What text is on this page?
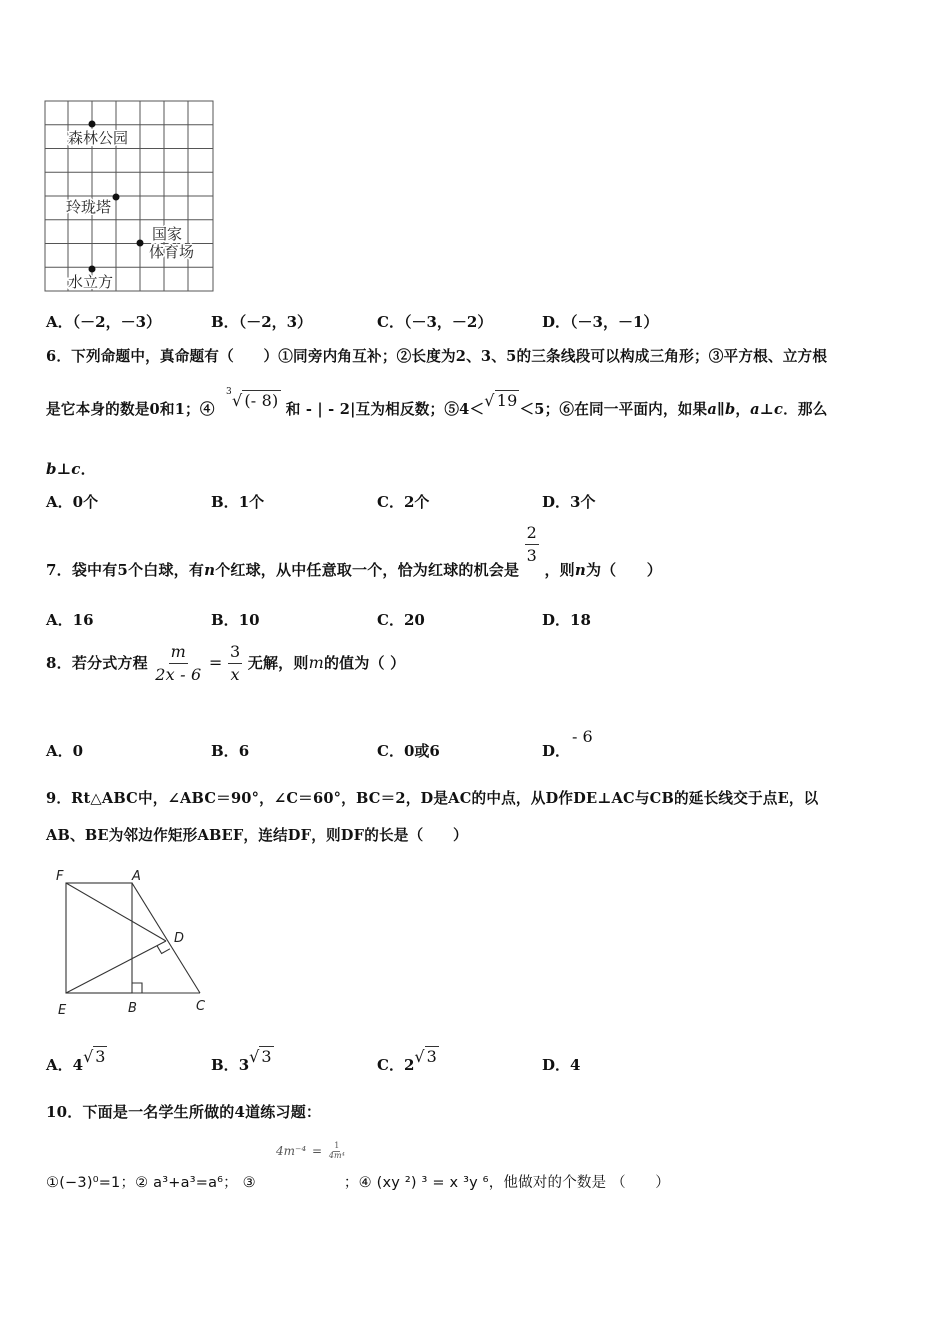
森林公园
玲珑塔
国家
体育场
水立方
A．（－2，－3）	B．（－2，3）	C．（－3，－2）	D．（－3，－1）
6．下列命题中，真命题有（　　）①同旁内角互补；②长度为2、3、5的三条线段可以构成三角形；③平方根、立方根
是它本身的数是0和1；④
3 √ (- 8) 和 - | - 2|互为相反数；⑤4＜√ 19 ＜5；⑥在同一平面内，如果a∥b，a⊥c．那么
b⊥c．
A．0个	B．1个	C．2个	D．3个
7．袋中有5个白球，有n个红球，从中任意取一个，恰为红球的机会是
$\frac{2}{3}$
，则n为（　　）
A．16	B．10	C．20	D．18
8．若分式方程 $\frac{m}{2x - 6} = \frac{3}{x}$ 无解，则m的值为（ ）
A．0	B．6	C．0或6	D．- 6
9．Rt△ABC中，∠ABC＝90°，∠C＝60°，BC＝2，D是AC的中点，从D作DE⊥AC与CB的延长线交于点E，以
AB、BE为邻边作矩形ABEF，连结DF，则DF的长是（　　）
F	A
D
E	B	C
A．4√ 3	B．3√ 3	C．2√ 3	D．4
10．下面是一名学生所做的4道练习题：
$4m^{-4} = \frac{1}{\text{4m⁴}}$
①(−3)⁰=1；② a³+a³=a⁶； ③	；④ (xy ²) ³ = x ³y ⁶，他做对的个数是 （　　）
